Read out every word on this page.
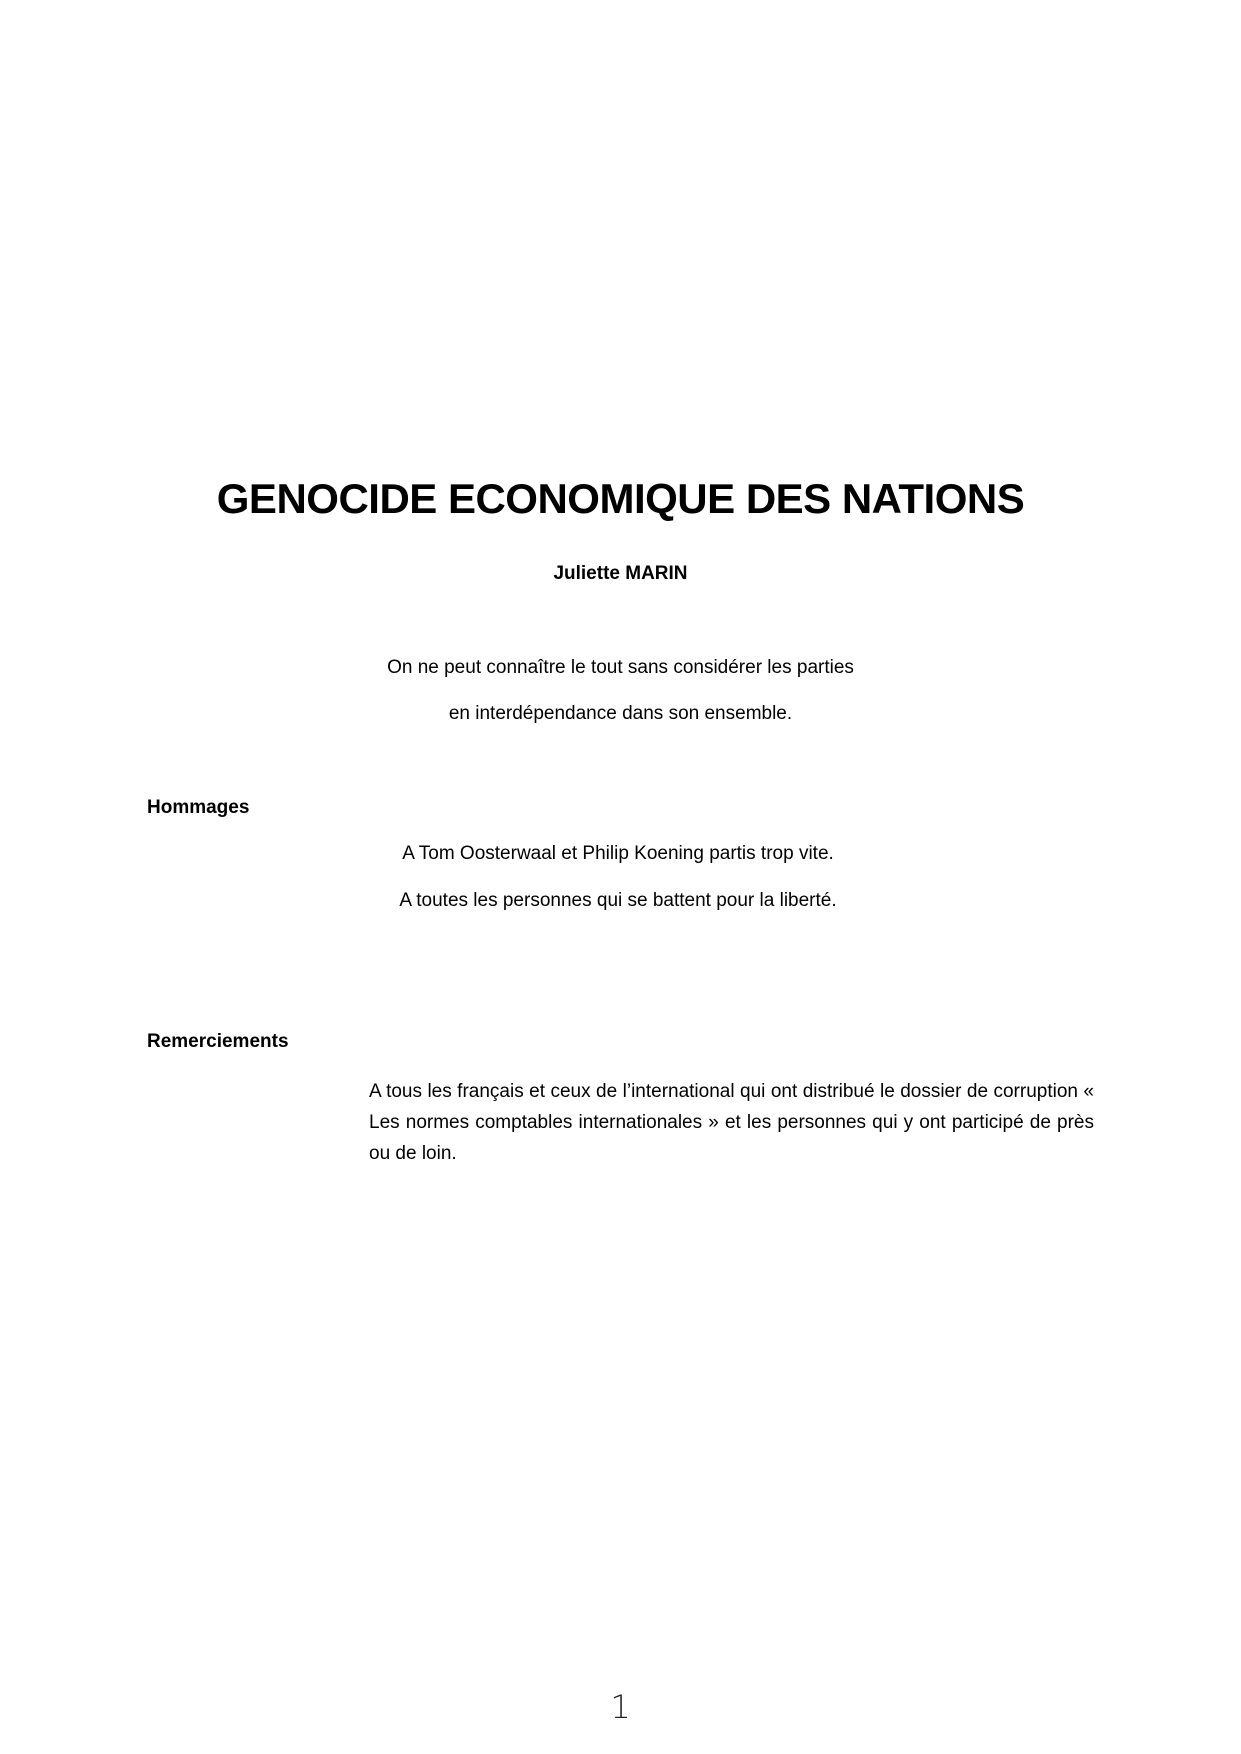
GENOCIDE ECONOMIQUE DES NATIONS
Juliette MARIN
On ne peut connaître le tout sans considérer les parties
en interdépendance dans son ensemble.
Hommages
A Tom Oosterwaal et Philip Koening partis trop vite.
A toutes les personnes qui se battent pour la liberté.
Remerciements
A tous les français et ceux de l’international qui ont distribué le dossier de corruption « Les normes comptables internationales » et les personnes qui y ont participé de près ou de loin.
1
